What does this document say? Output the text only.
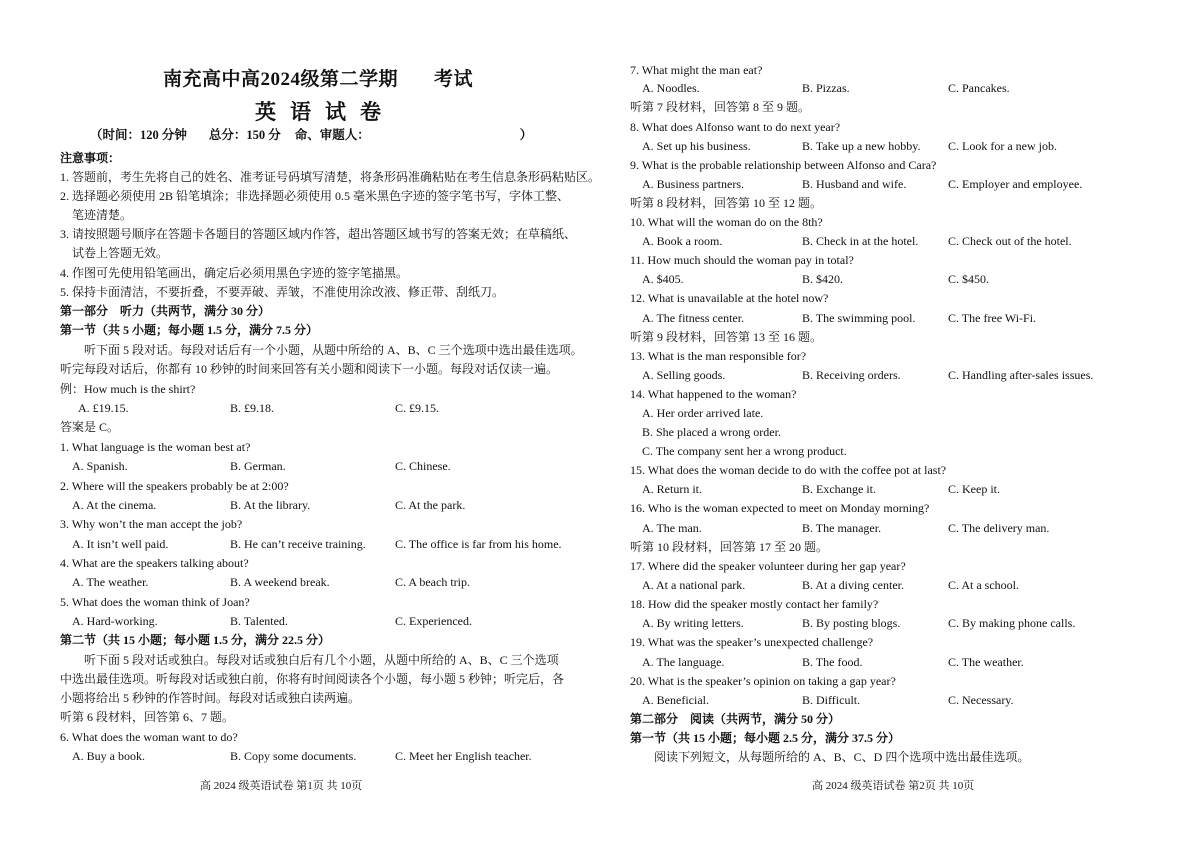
南充高中高2024级第二学期 考试
英语试卷
（时间：120 分钟 总分：150 分 命、审题人：	）
注意事项：
1. 答题前，考生先将自己的姓名、准考证号码填写清楚，将条形码准确粘贴在考生信息条形码粘贴区。
2. 选择题必须使用 2B 铅笔填涂；非选择题必须使用 0.5 毫米黑色字迹的签字笔书写，字体工整、
笔迹清楚。
3. 请按照题号顺序在答题卡各题目的答题区域内作答，超出答题区域书写的答案无效；在草稿纸、
试卷上答题无效。
4. 作图可先使用铅笔画出，确定后必须用黑色字迹的签字笔描黑。
5. 保持卡面清洁，不要折叠，不要弄破、弄皱，不准使用涂改液、修正带、刮纸刀。
第一部分　听力（共两节，满分 30 分）
第一节（共 5 小题；每小题 1.5 分，满分 7.5 分）
听下面 5 段对话。每段对话后有一个小题，从题中所给的 A、B、C 三个选项中选出最佳选项。
听完每段对话后，你都有 10 秒钟的时间来回答有关小题和阅读下一小题。每段对话仅读一遍。
例：How much is the shirt?
A. £19.15.	B. £9.18.	C. £9.15.
答案是 C。
1. What language is the woman best at?
A. Spanish.	B. German.	C. Chinese.
2. Where will the speakers probably be at 2:00?
A. At the cinema.	B. At the library.	C. At the park.
3. Why won’t the man accept the job?
A. It isn’t well paid.	B. He can’t receive training. C. The office is far from his home.
4. What are the speakers talking about?
A. The weather.	B. A weekend break.	C. A beach trip.
5. What does the woman think of Joan?
A. Hard-working.	B. Talented.	C. Experienced.
第二节（共 15 小题；每小题 1.5 分，满分 22.5 分）
听下面 5 段对话或独白。每段对话或独白后有几个小题，从题中所给的 A、B、C 三个选项
中选出最佳选项。听每段对话或独白前，你将有时间阅读各个小题，每小题 5 秒钟；听完后，各
小题将给出 5 秒钟的作答时间。每段对话或独白读两遍。
听第 6 段材料，回答第 6、7 题。
6. What does the woman want to do?
A. Buy a book.	B. Copy some documents.	C. Meet her English teacher.
高 2024 级英语试卷 第1页 共 10页
7. What might the man eat?
A. Noodles.	B. Pizzas.	C. Pancakes.
听第 7 段材料，回答第 8 至 9 题。
8. What does Alfonso want to do next year?
A. Set up his business.	B. Take up a new hobby. C. Look for a new job.
9. What is the probable relationship between Alfonso and Cara?
A. Business partners.	B. Husband and wife.	C. Employer and employee.
听第 8 段材料，回答第 10 至 12 题。
10. What will the woman do on the 8th?
A. Book a room.	B. Check in at the hotel. C. Check out of the hotel.
11. How much should the woman pay in total?
A. $405.	B. $420.	C. $450.
12. What is unavailable at the hotel now?
A. The fitness center.	B. The swimming pool.	C. The free Wi-Fi.
听第 9 段材料，回答第 13 至 16 题。
13. What is the man responsible for?
A. Selling goods.	B. Receiving orders.	C. Handling after-sales issues.
14. What happened to the woman?
A. Her order arrived late.
B. She placed a wrong order.
C. The company sent her a wrong product.
15. What does the woman decide to do with the coffee pot at last?
A. Return it.	B. Exchange it.	C. Keep it.
16. Who is the woman expected to meet on Monday morning?
A. The man.	B. The manager.	C. The delivery man.
听第 10 段材料，回答第 17 至 20 题。
17. Where did the speaker volunteer during her gap year?
A. At a national park.	B. At a diving center.	C. At a school.
18. How did the speaker mostly contact her family?
A. By writing letters.	B. By posting blogs.	C. By making phone calls.
19. What was the speaker’s unexpected challenge?
A. The language.	B. The food.	C. The weather.
20. What is the speaker’s opinion on taking a gap year?
A. Beneficial.	B. Difficult.	C. Necessary.
第二部分　阅读（共两节，满分 50 分）
第一节（共 15 小题；每小题 2.5 分，满分 37.5 分）
阅读下列短文，从每题所给的 A、B、C、D 四个选项中选出最佳选项。
高 2024 级英语试卷 第2页 共 10页
